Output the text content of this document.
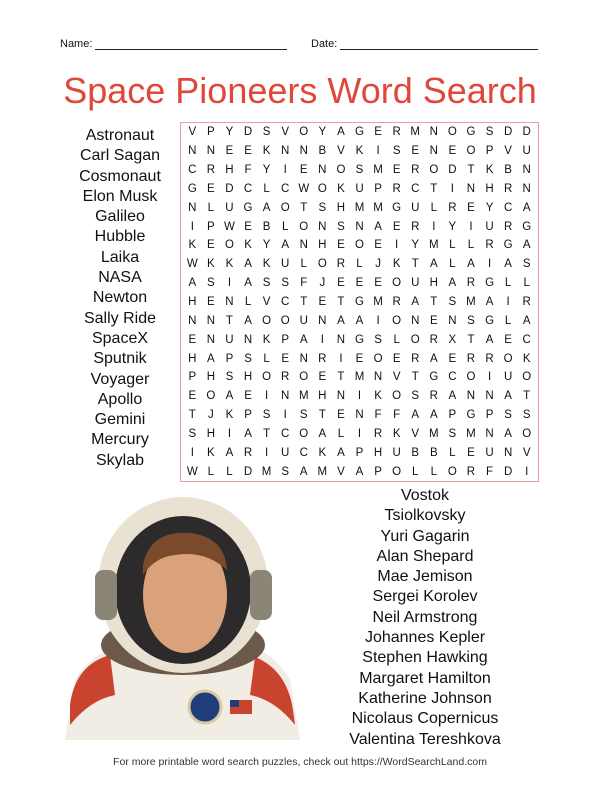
Name:	Date:
Space Pioneers Word Search
V P Y D S V O Y A G E R M N O G S D D
N N E E K N N B V K	I	S E N E O P V U
C R H F Y	I	E N O S M E R O D T K B N
G E D C L C W O K U P R C T	I	N H R N
N L U G A O T S H M M G U L R E Y C A
I	P W E B	L O N S N A E R	I	Y	I	U R G
K E O K Y A N H E O E	I	Y M L	L R G A
W K K A K U L O R L	J	K T A	L	A	I	A S
A S	I	A S S F	J	E E E O U H A R G L	L
H E N L	V C T E T G M R A T S M A	I	R
N N T A O O U N A A	I	O N E N S G L	A
E N U N K P A	I	N G S	L O R X T A E C
H A P S	L	E N R	I	E O E R A E R R O K
P H S H O R O E T M N V T G C O	I	U O
E O A E	I	N M H N	I	K O S R A N N A T
T	J	K P S	I	S T E N F	F A A P G P S S
S H	I	A T C O A	L	I	R K V M S M N A O
I	K A R	I	U C K A P H U B B	L	E U N V
W L	L D M S A M V A P O L	L O R F D	I
Astronaut
Carl Sagan
Cosmonaut
Elon Musk
Galileo
Hubble
Laika
NASA
Newton
Sally Ride
SpaceX
Sputnik
Voyager
Apollo
Gemini
Mercury
Skylab
Vostok
Tsiolkovsky
Yuri Gagarin
Alan Shepard
Mae Jemison
Sergei Korolev
Neil Armstrong
Johannes Kepler
Stephen Hawking
Margaret Hamilton
Katherine Johnson
Nicolaus Copernicus
Valentina Tereshkova
For more printable word search puzzles, check out https://WordSearchLand.com
